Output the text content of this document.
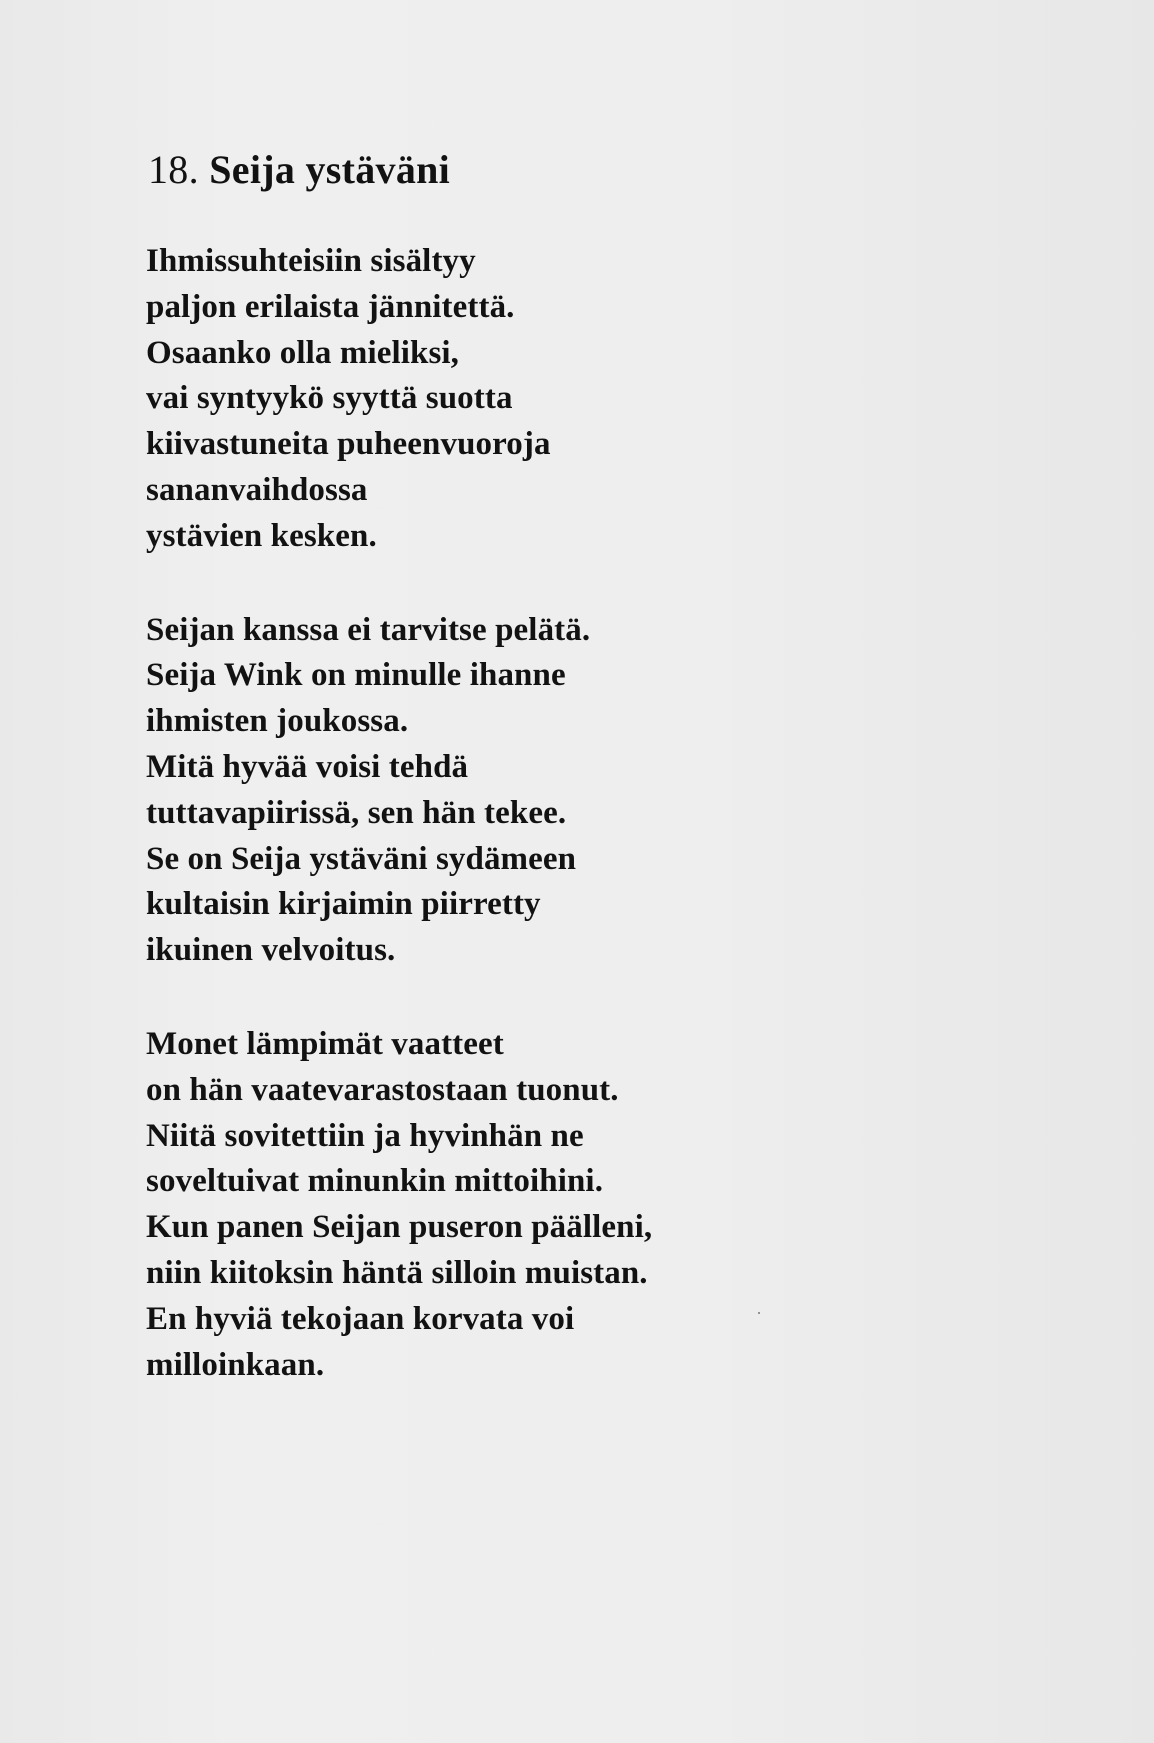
18. Seija ystäväni
Ihmissuhteisiin sisältyy
paljon erilaista jännitettä.
Osaanko olla mieliksi,
vai syntyykö syyttä suotta
kiivastuneita puheenvuoroja
sananvaihdossa
ystävien kesken.
Seijan kanssa ei tarvitse pelätä.
Seija Wink on minulle ihanne
ihmisten joukossa.
Mitä hyvää voisi tehdä
tuttavapiirissä, sen hän tekee.
Se on Seija ystäväni sydämeen
kultaisin kirjaimin piirretty
ikuinen velvoitus.
Monet lämpimät vaatteet
on hän vaatevarastostaan tuonut.
Niitä sovitettiin ja hyvinhän ne
soveltuivat minunkin mittoihini.
Kun panen Seijan puseron päälleni,
niin kiitoksin häntä silloin muistan.
En hyviä tekojaan korvata voi
milloinkaan.
